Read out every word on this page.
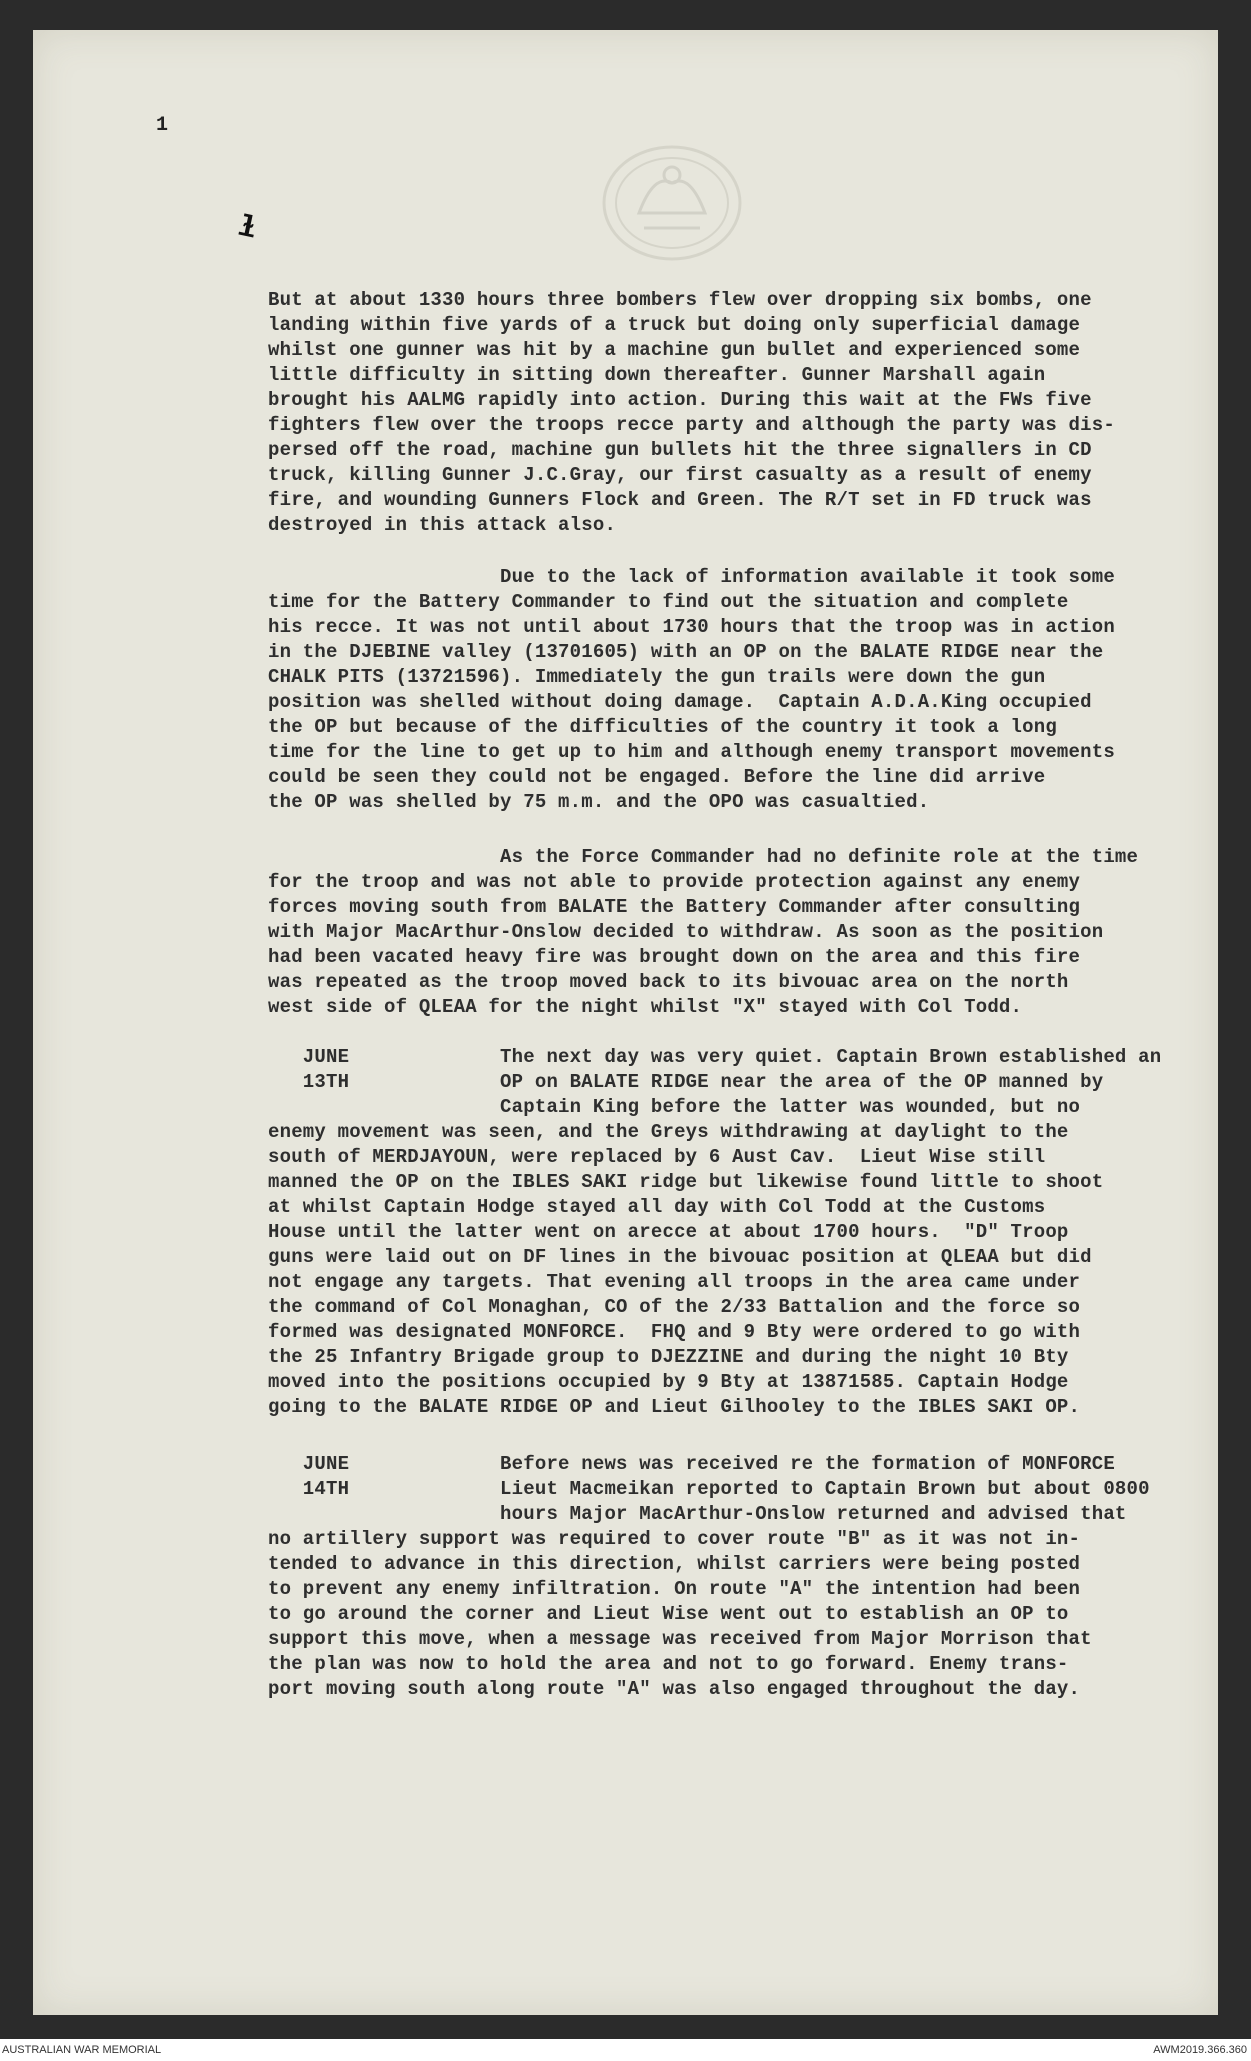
1
ɫ
But at about 1330 hours three bombers flew over dropping six bombs, one
landing within five yards of a truck but doing only superficial damage
whilst one gunner was hit by a machine gun bullet and experienced some
little difficulty in sitting down thereafter. Gunner Marshall again
brought his AALMG rapidly into action. During this wait at the FWs five
fighters flew over the troops recce party and although the party was dis-
persed off the road, machine gun bullets hit the three signallers in CD
truck, killing Gunner J.C.Gray, our first casualty as a result of enemy
fire, and wounding Gunners Flock and Green. The R/T set in FD truck was
destroyed in this attack also.
Due to the lack of information available it took some
time for the Battery Commander to find out the situation and complete
his recce. It was not until about 1730 hours that the troop was in action
in the DJEBINE valley (13701605) with an OP on the BALATE RIDGE near the
CHALK PITS (13721596). Immediately the gun trails were down the gun
position was shelled without doing damage.  Captain A.D.A.King occupied
the OP but because of the difficulties of the country it took a long
time for the line to get up to him and although enemy transport movements
could be seen they could not be engaged. Before the line did arrive
the OP was shelled by 75 m.m. and the OPO was casualtied.
As the Force Commander had no definite role at the time
for the troop and was not able to provide protection against any enemy
forces moving south from BALATE the Battery Commander after consulting
with Major MacArthur-Onslow decided to withdraw. As soon as the position
had been vacated heavy fire was brought down on the area and this fire
was repeated as the troop moved back to its bivouac area on the north
west side of QLEAA for the night whilst "X" stayed with Col Todd.
JUNE             The next day was very quiet. Captain Brown established an
13TH             OP on BALATE RIDGE near the area of the OP manned by
Captain King before the latter was wounded, but no
enemy movement was seen, and the Greys withdrawing at daylight to the
south of MERDJAYOUN, were replaced by 6 Aust Cav.  Lieut Wise still
manned the OP on the IBLES SAKI ridge but likewise found little to shoot
at whilst Captain Hodge stayed all day with Col Todd at the Customs
House until the latter went on arecce at about 1700 hours.  "D" Troop
guns were laid out on DF lines in the bivouac position at QLEAA but did
not engage any targets. That evening all troops in the area came under
the command of Col Monaghan, CO of the 2/33 Battalion and the force so
formed was designated MONFORCE.  FHQ and 9 Bty were ordered to go with
the 25 Infantry Brigade group to DJEZZINE and during the night 10 Bty
moved into the positions occupied by 9 Bty at 13871585. Captain Hodge
going to the BALATE RIDGE OP and Lieut Gilhooley to the IBLES SAKI OP.
JUNE             Before news was received re the formation of MONFORCE
14TH             Lieut Macmeikan reported to Captain Brown but about 0800
hours Major MacArthur-Onslow returned and advised that
no artillery support was required to cover route "B" as it was not in-
tended to advance in this direction, whilst carriers were being posted
to prevent any enemy infiltration. On route "A" the intention had been
to go around the corner and Lieut Wise went out to establish an OP to
support this move, when a message was received from Major Morrison that
the plan was now to hold the area and not to go forward. Enemy trans-
port moving south along route "A" was also engaged throughout the day.
AUSTRALIAN WAR MEMORIAL	AWM2019.366.360
